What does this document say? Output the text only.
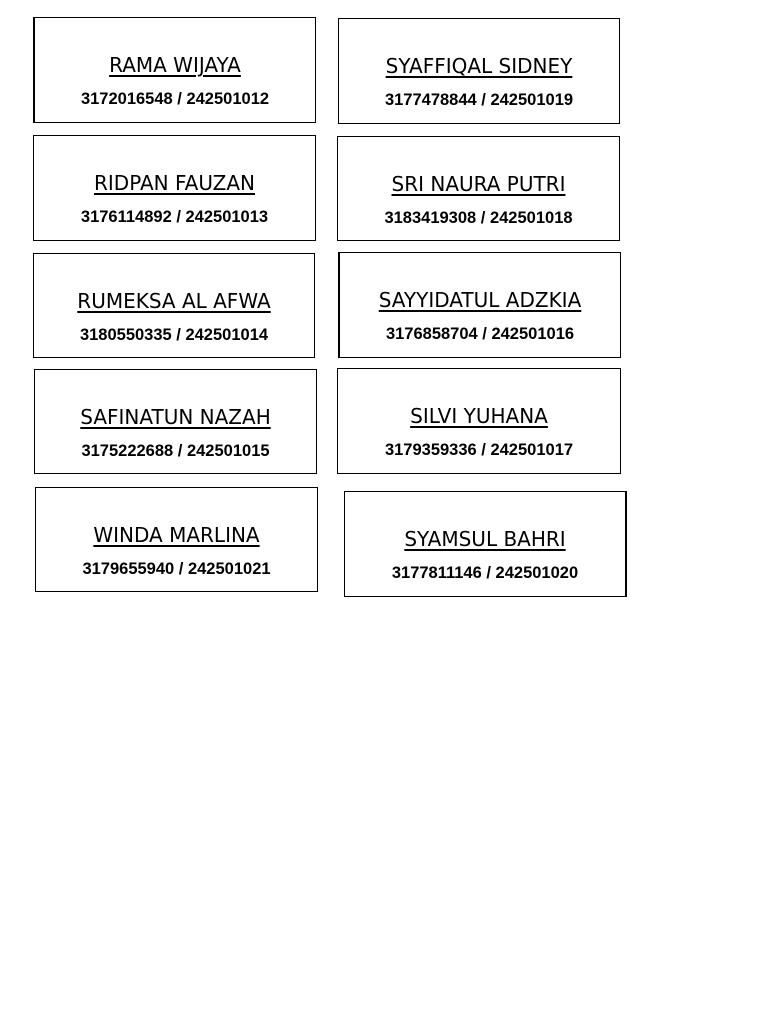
RAMA WIJAYA
3172016548 / 242501012
SYAFFIQAL SIDNEY
3177478844 / 242501019
RIDPAN FAUZAN
3176114892 / 242501013
SRI NAURA PUTRI
3183419308 / 242501018
RUMEKSA AL AFWA
3180550335 / 242501014
SAYYIDATUL ADZKIA
3176858704 / 242501016
SAFINATUN NAZAH
3175222688 / 242501015
SILVI YUHANA
3179359336 / 242501017
WINDA MARLINA
3179655940 / 242501021
SYAMSUL BAHRI
3177811146 / 242501020
